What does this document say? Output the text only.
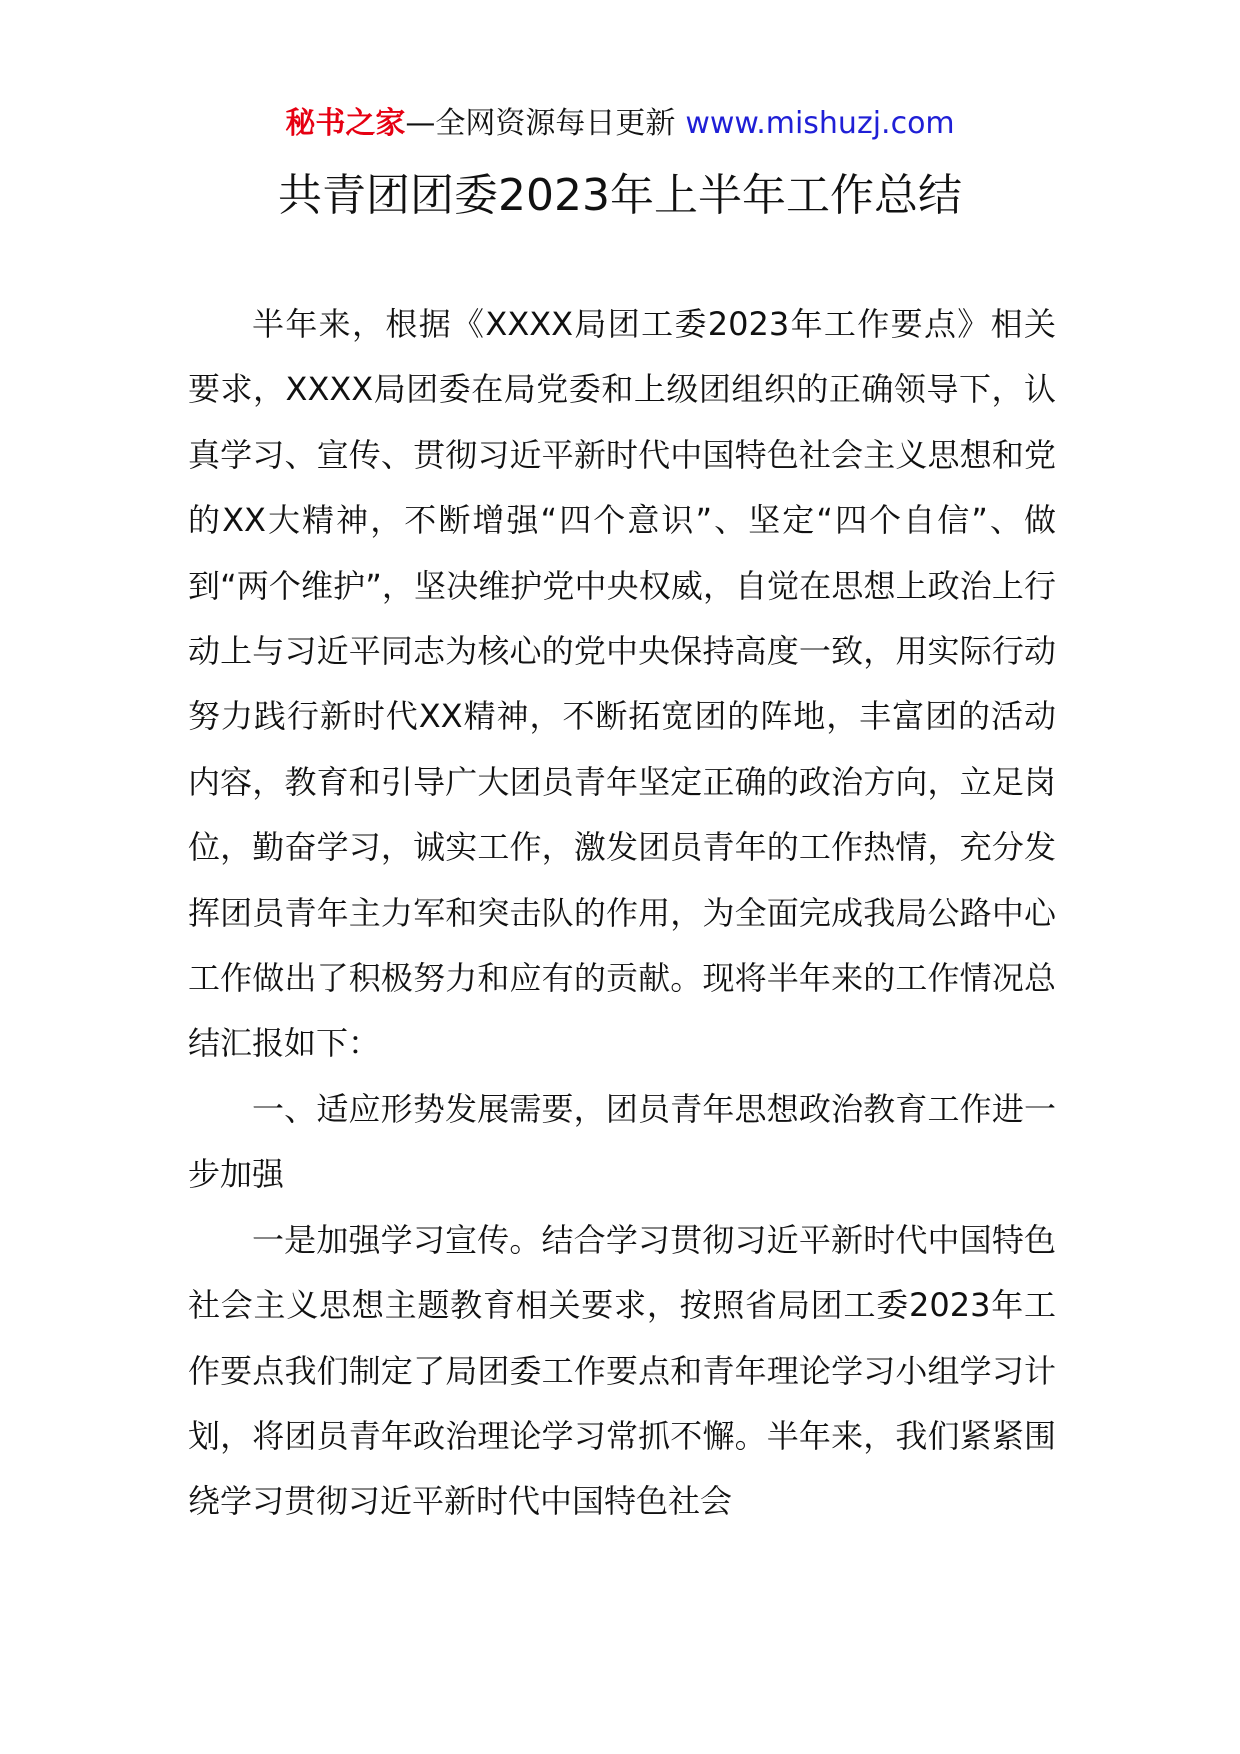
秘书之家—全网资源每日更新 www.mishuzj.com
共青团团委2023年上半年工作总结

半年来，根据《XXXX局团工委2023年工作要点》相关要求，XXXX局团委在局党委和上级团组织的正确领导下，认真学习、宣传、贯彻习近平新时代中国特色社会主义思想和党的XX大精神，不断增强“四个意识”、坚定“四个自信”、做到“两个维护”，坚决维护党中央权威，自觉在思想上政治上行动上与习近平同志为核心的党中央保持高度一致，用实际行动努力践行新时代XX精神，不断拓宽团的阵地，丰富团的活动内容，教育和引导广大团员青年坚定正确的政治方向，立足岗位，勤奋学习，诚实工作，激发团员青年的工作热情，充分发挥团员青年主力军和突击队的作用，为全面完成我局公路中心工作做出了积极努力和应有的贡献。现将半年来的工作情况总结汇报如下：

一、适应形势发展需要，团员青年思想政治教育工作进一步加强

一是加强学习宣传。结合学习贯彻习近平新时代中国特色社会主义思想主题教育相关要求，按照省局团工委2023年工作要点我们制定了局团委工作要点和青年理论学习小组学习计划，将团员青年政治理论学习常抓不懈。半年来，我们紧紧围绕学习贯彻习近平新时代中国特色社会
